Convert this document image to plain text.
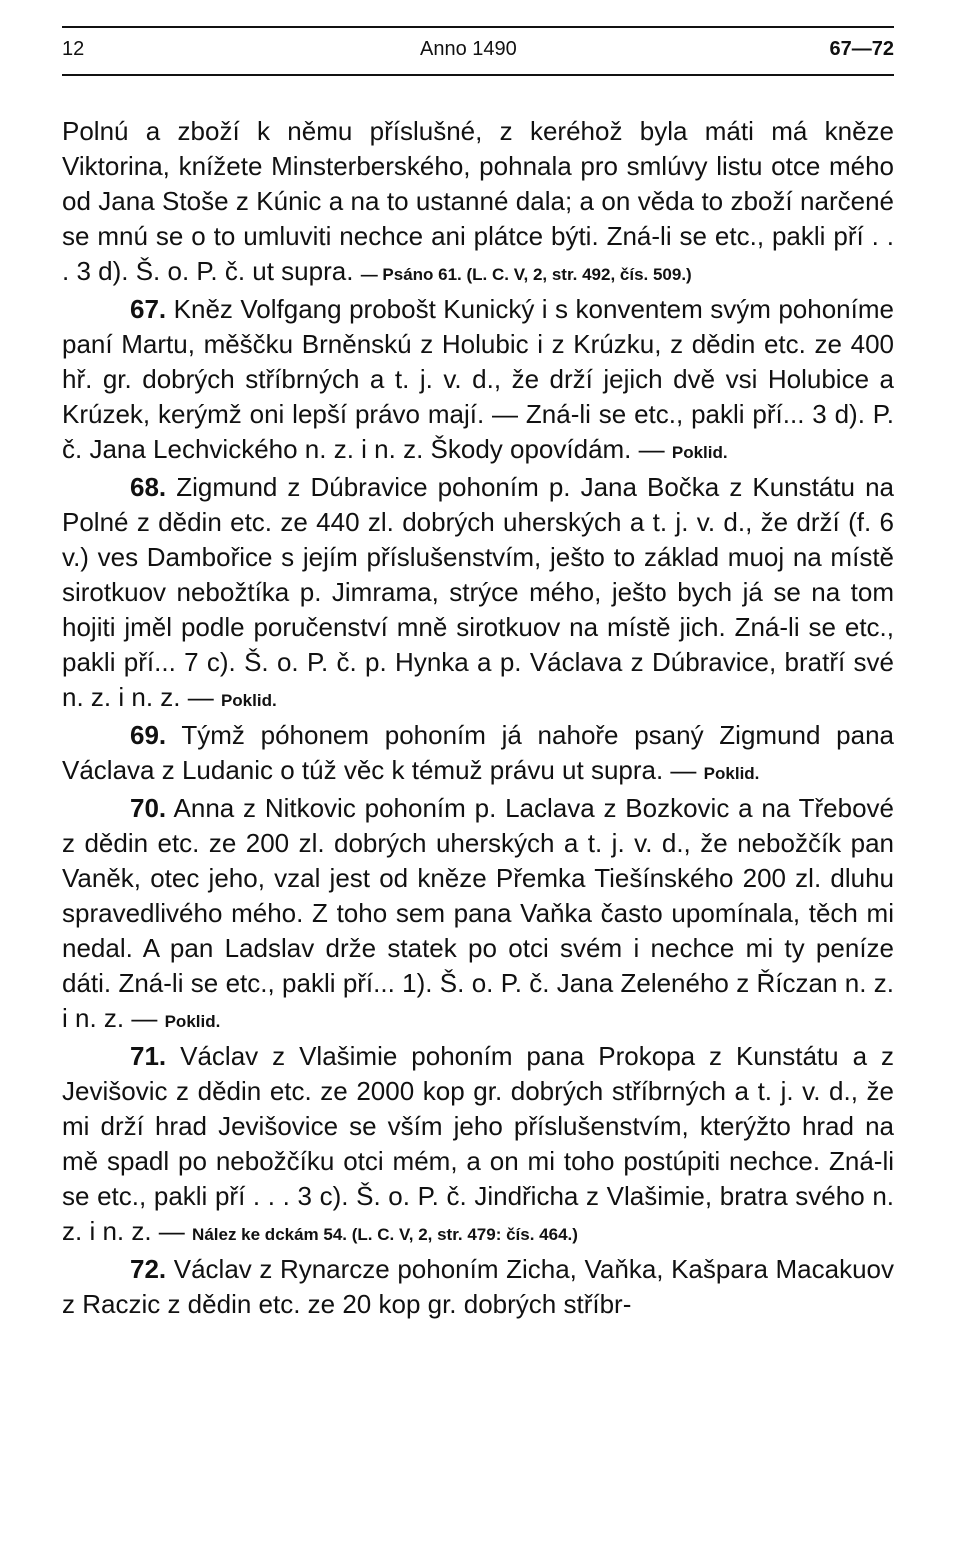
12	Anno 1490	67—72

Polnú a zboží k němu příslušné, z keréhož byla máti má kněze Viktorina, knížete Minsterberského, pohnala pro smlúvy listu otce mého od Jana Stoše z Kúnic a na to ustanné dala; a on věda to zboží narčené se mnú se o to umluviti nechce ani plátce býti. Zná-li se etc., pakli pří . . . 3 d). Š. o. P. č. ut supra. — Psáno 61. (L. C. V, 2, str. 492, čís. 509.)

67. Kněz Volfgang probošt Kunický i s konventem svým pohoníme paní Martu, měščku Brněnskú z Holubic i z Krúzku, z dědin etc. ze 400 hř. gr. dobrých stříbrných a t. j. v. d., že drží jejich dvě vsi Holubice a Krúzek, kerýmž oni lepší právo mají. — Zná-li se etc., pakli pří... 3 d). P. č. Jana Lechvického n. z. i n. z. Škody opovídám. — Poklid.

68. Zigmund z Dúbravice pohoním p. Jana Bočka z Kunstátu na Polné z dědin etc. ze 440 zl. dobrých uherských a t. j. v. d., že drží (f. 6 v.) ves Dambořice s jejím příslušenstvím, ješto to základ muoj na místě sirotkuov nebožtíka p. Jimrama, strýce mého, ješto bych já se na tom hojiti jměl podle poručenství mně sirotkuov na místě jich. Zná-li se etc., pakli pří... 7 c). Š. o. P. č. p. Hynka a p. Václava z Dúbravice, bratří své n. z. i n. z. — Poklid.

69. Týmž póhonem pohoním já nahoře psaný Zigmund pana Václava z Ludanic o túž věc k témuž právu ut supra. — Poklid.

70. Anna z Nitkovic pohoním p. Laclava z Bozkovic a na Třebové z dědin etc. ze 200 zl. dobrých uherských a t. j. v. d., že nebožčík pan Vaněk, otec jeho, vzal jest od kněze Přemka Tiešínského 200 zl. dluhu spravedlivého mého. Z toho sem pana Vaňka často upomínala, těch mi nedal. A pan Ladslav drže statek po otci svém i nechce mi ty peníze dáti. Zná-li se etc., pakli pří... 1). Š. o. P. č. Jana Zeleného z Říczan n. z. i n. z. — Poklid.

71. Václav z Vlašimie pohoním pana Prokopa z Kunstátu a z Jevišovic z dědin etc. ze 2000 kop gr. dobrých stříbrných a t. j. v. d., že mi drží hrad Jevišovice se vším jeho příslušenstvím, kterýžto hrad na mě spadl po nebožčíku otci mém, a on mi toho postúpiti nechce. Zná-li se etc., pakli pří . . . 3 c). Š. o. P. č. Jindřicha z Vlašimie, bratra svého n. z. i n. z. — Nález ke dckám 54. (L. C. V, 2, str. 479: čís. 464.)

72. Václav z Rynarcze pohoním Zicha, Vaňka, Kašpara Macakuov z Raczic z dědin etc. ze 20 kop gr. dobrých stříbr-
